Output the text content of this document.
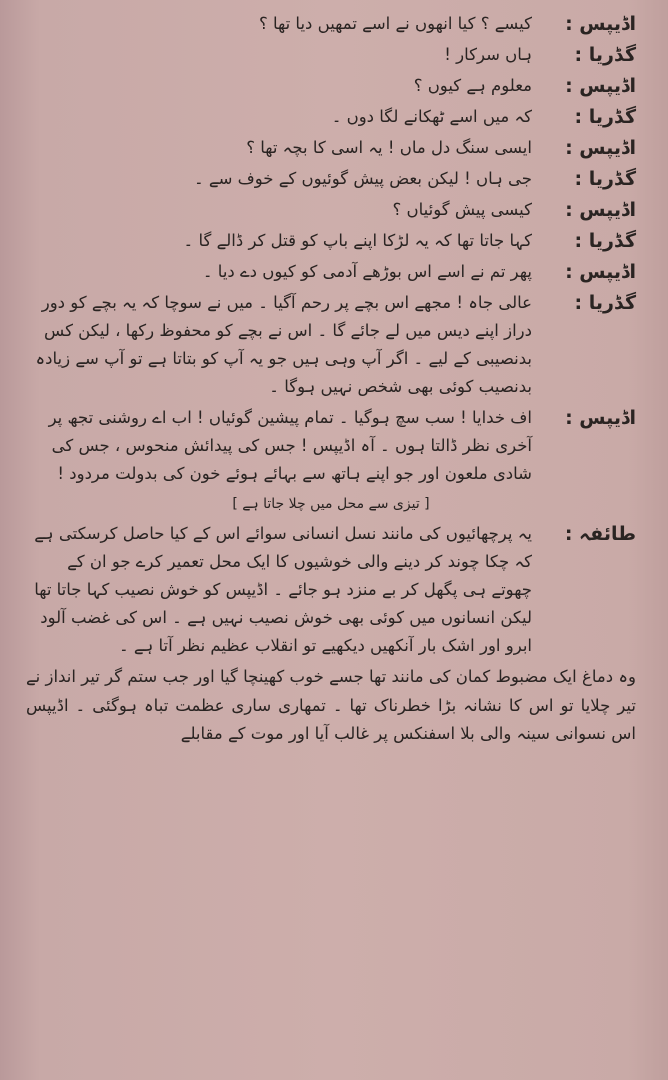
اڈیپس :
کیسے ؟ کیا انھوں نے اسے تمھیں دیا تھا ؟
گڈریا :
ہاں سرکار !
اڈیپس :
معلوم ہے کیوں ؟
گڈریا :
کہ میں اسے ٹھکانے لگا دوں ۔
اڈیپس :
ایسی سنگ دل ماں ! یہ اسی کا بچہ تھا ؟
گڈریا :
جی ہاں ! لیکن بعض پیش گوئیوں کے خوف سے ۔
اڈیپس :
کیسی پیش گوئیاں ؟
گڈریا :
کہا جاتا تھا کہ یہ لڑکا اپنے باپ کو قتل کر ڈالے گا ۔
اڈیپس :
پھر تم نے اسے اس بوڑھے آدمی کو کیوں دے دیا ۔
گڈریا :
عالی جاہ ! مجھے اس بچے پر رحم آگیا ۔ میں نے سوچا کہ یہ بچے کو دور دراز اپنے دیس میں لے جائے گا ۔ اس نے بچے کو محفوظ رکھا ، لیکن کس بدنصیبی کے لیے ۔ اگر آپ وہی ہیں جو یہ آپ کو بتاتا ہے تو آپ سے زیادہ بدنصیب کوئی بھی شخص نہیں ہوگا ۔
اڈیپس :
اف خدایا ! سب سچ ہوگیا ۔ تمام پیشین گوئیاں ! اب اے روشنی تجھ پر آخری نظر ڈالتا ہوں ۔ آہ اڈیپس ! جس کی پیدائش منحوس ، جس کی شادی ملعون اور جو اپنے ہاتھ سے بہائے ہوئے خون کی بدولت مردود !
[ تیزی سے محل میں چلا جاتا ہے ]
طائفہ :
یہ پرچھائیوں کی مانند نسل انسانی سوائے اس کے کیا حاصل کرسکتی ہے کہ چکا چوند کر دینے والی خوشیوں کا ایک محل تعمیر کرے جو ان کے چھوتے ہی پگھل کر بے منزد ہو جائے ۔ اڈیپس کو خوش نصیب کہا جاتا تھا لیکن انسانوں میں کوئی بھی خوش نصیب نہیں ہے ۔ اس کی غضب آلود ابرو اور اشک بار آنکھیں دیکھیے تو انقلاب عظیم نظر آتا ہے ۔
وہ دماغ ایک مضبوط کمان کی مانند تھا جسے خوب کھینچا گیا اور جب ستم گر تیر انداز نے تیر چلایا تو اس کا نشانہ بڑا خطرناک تھا ۔ تمھاری ساری عظمت تباہ ہوگئی ۔ اڈیپس اس نسوانی سینہ والی بلا اسفنکس پر غالب آیا اور موت کے مقابلے
